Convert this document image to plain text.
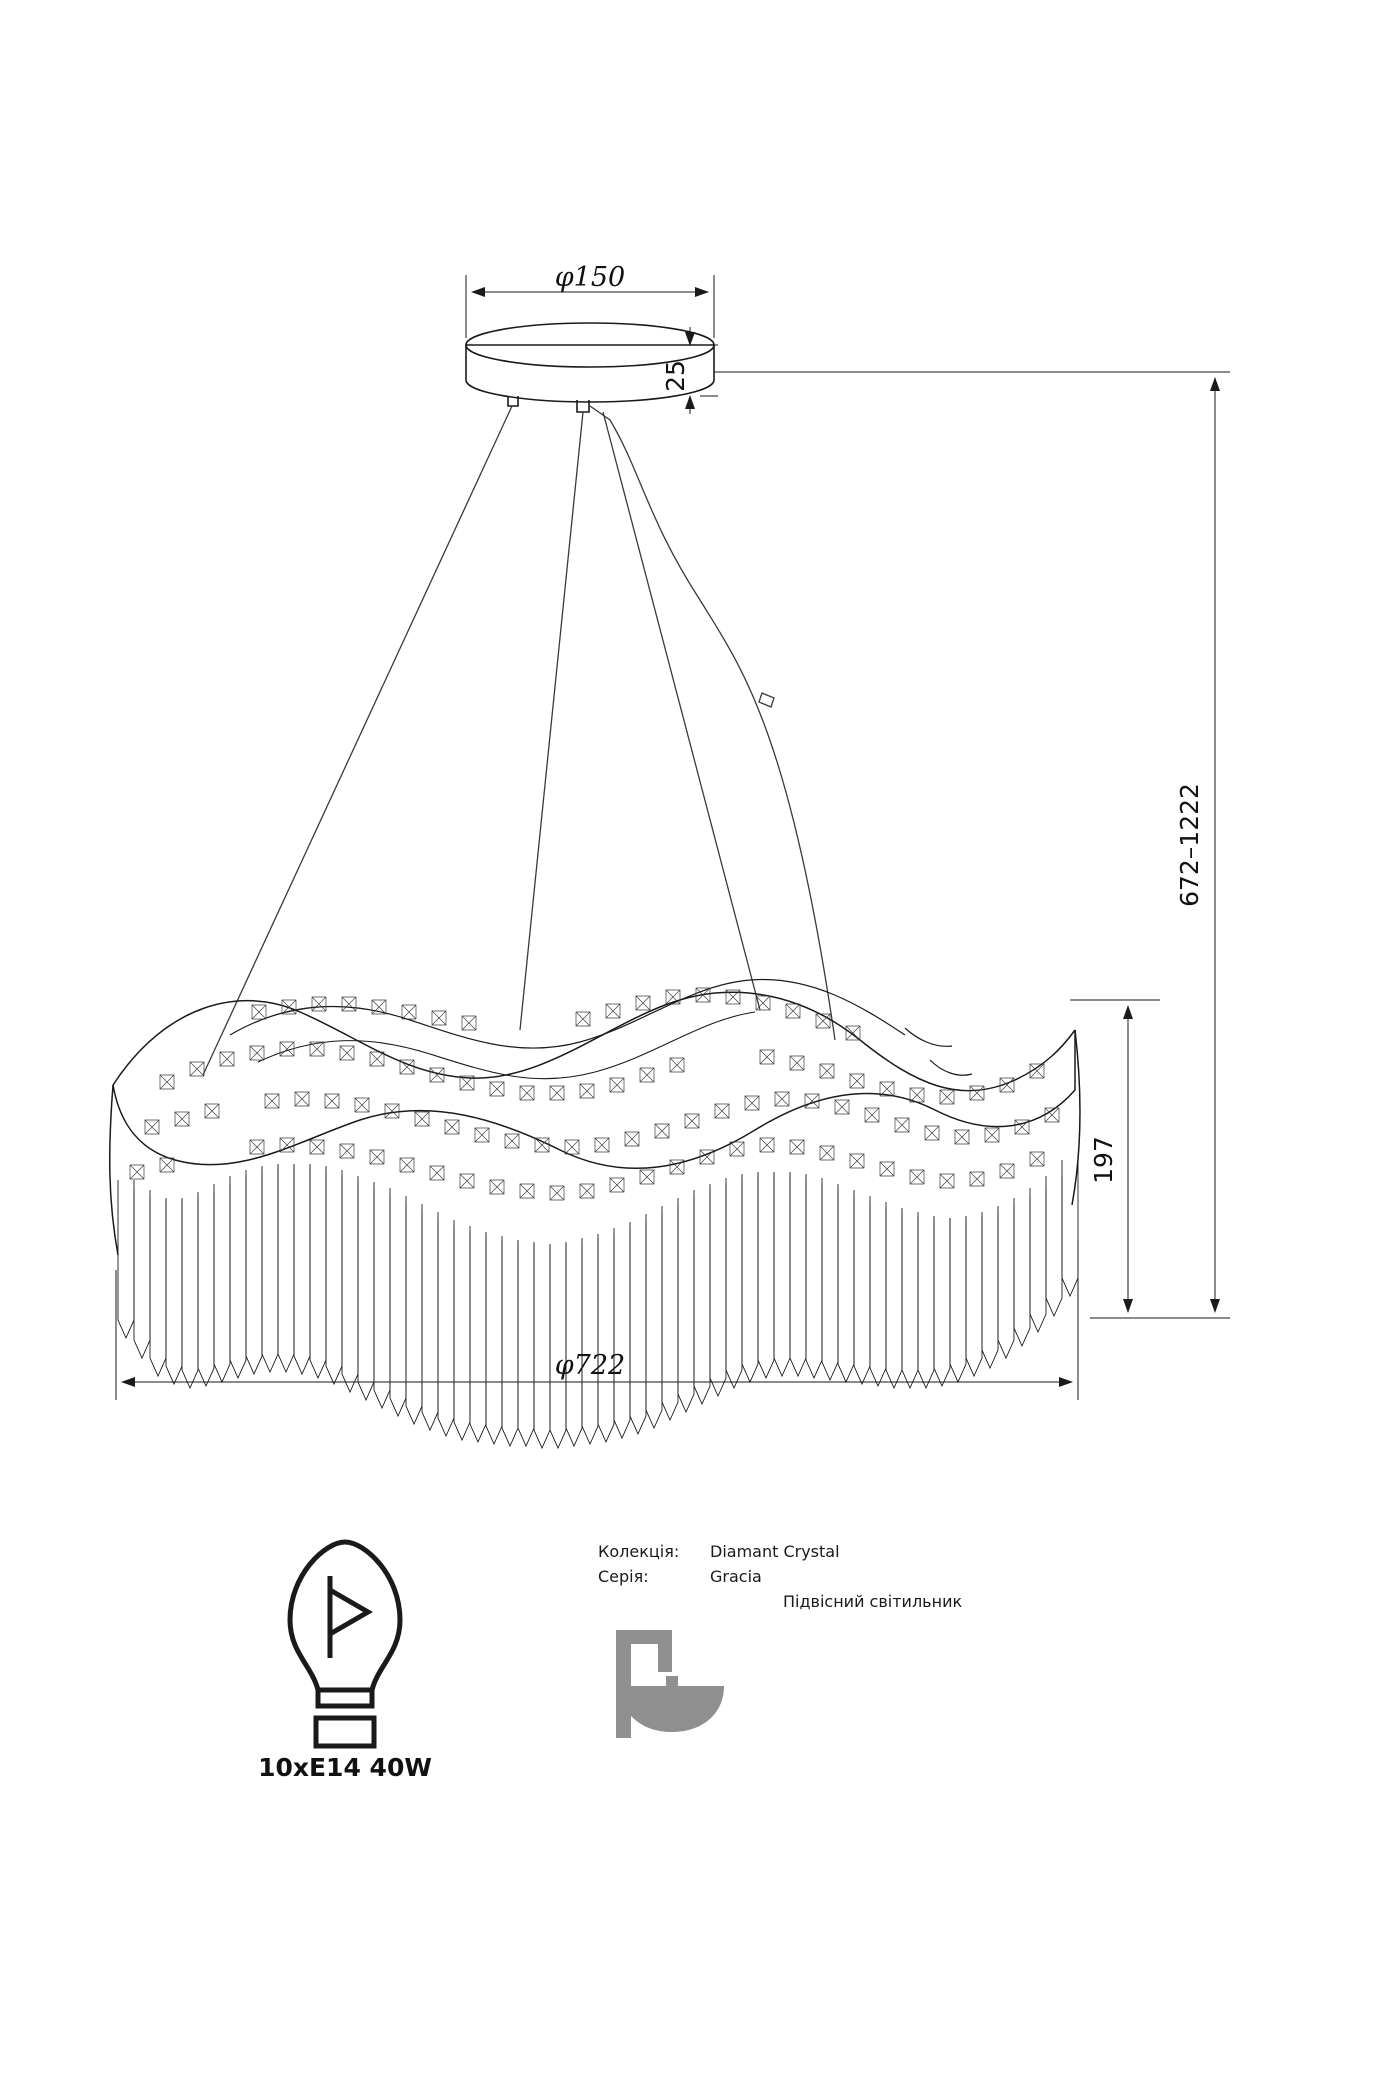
φ150
25
672–1222
197
φ722
10xE14 40W
Колекція:	Diamant Crystal
Серія:	Gracia
Підвісний світильник
